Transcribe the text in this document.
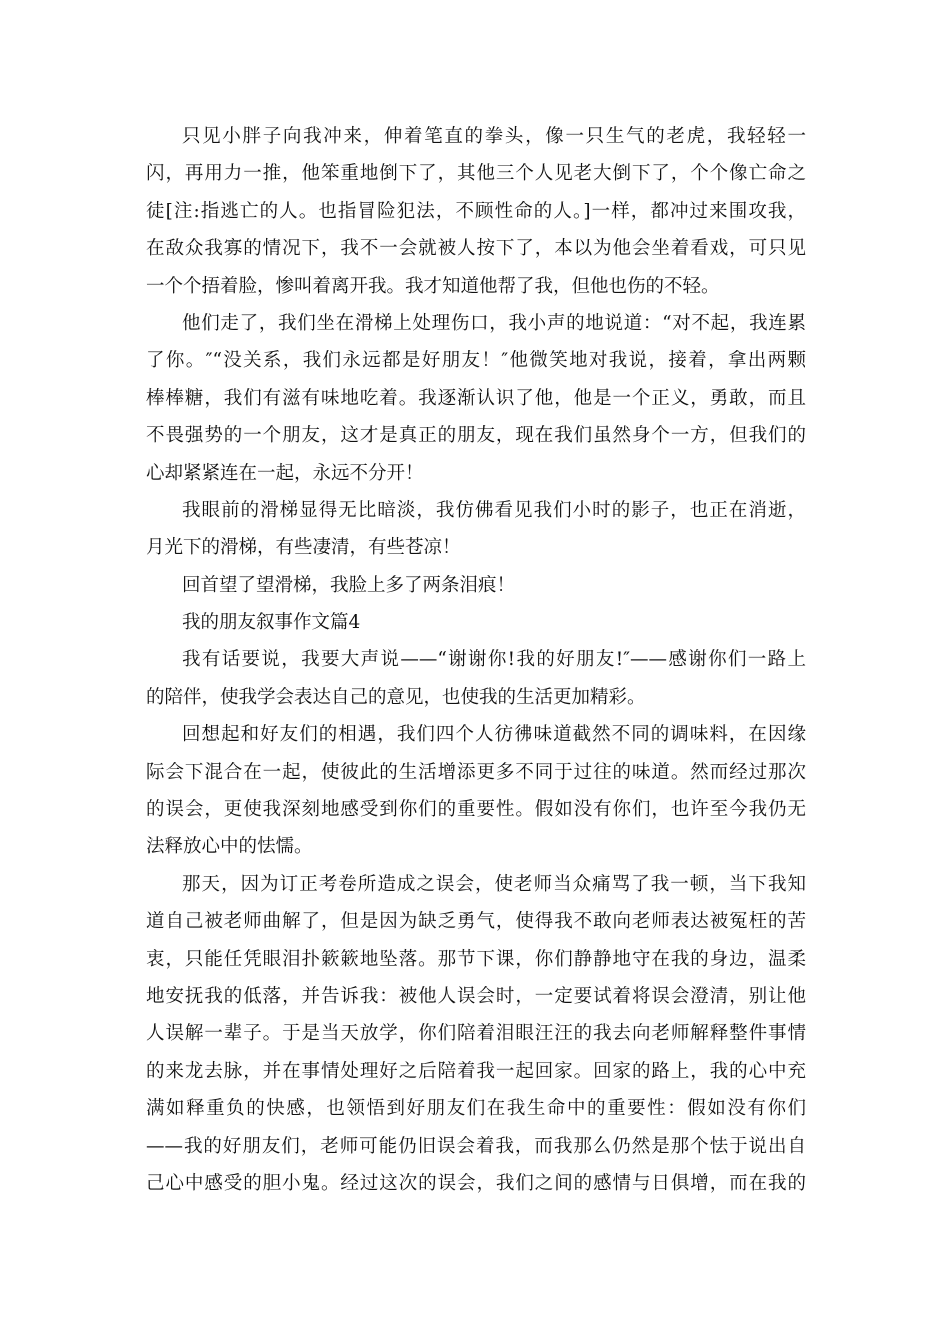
只见小胖子向我冲来，伸着笔直的拳头，像一只生气的老虎，我轻轻一
闪，再用力一推，他笨重地倒下了，其他三个人见老大倒下了，个个像亡命之
徒[注:指逃亡的人。也指冒险犯法，不顾性命的人。]一样，都冲过来围攻我，
在敌众我寡的情况下，我不一会就被人按下了，本以为他会坐着看戏，可只见
一个个捂着脸，惨叫着离开我。我才知道他帮了我，但他也伤的不轻。
他们走了，我们坐在滑梯上处理伤口，我小声的地说道：“对不起，我连累
了你。″“没关系，我们永远都是好朋友！″他微笑地对我说，接着，拿出两颗
棒棒糖，我们有滋有味地吃着。我逐渐认识了他，他是一个正义，勇敢，而且
不畏强势的一个朋友，这才是真正的朋友，现在我们虽然身个一方，但我们的
心却紧紧连在一起，永远不分开！
我眼前的滑梯显得无比暗淡，我仿佛看见我们小时的影子，也正在消逝，
月光下的滑梯，有些凄清，有些苍凉！
回首望了望滑梯，我脸上多了两条泪痕！
我的朋友叙事作文篇4
我有话要说，我要大声说——“谢谢你!我的好朋友!″——感谢你们一路上
的陪伴，使我学会表达自己的意见，也使我的生活更加精彩。
回想起和好友们的相遇，我们四个人彷彿味道截然不同的调味料，在因缘
际会下混合在一起，使彼此的生活增添更多不同于过往的味道。然而经过那次
的误会，更使我深刻地感受到你们的重要性。假如没有你们，也许至今我仍无
法释放心中的怯懦。
那天，因为订正考卷所造成之误会，使老师当众痛骂了我一顿，当下我知
道自己被老师曲解了，但是因为缺乏勇气，使得我不敢向老师表达被冤枉的苦
衷，只能任凭眼泪扑簌簌地坠落。那节下课，你们静静地守在我的身边，温柔
地安抚我的低落，并告诉我：被他人误会时，一定要试着将误会澄清，别让他
人误解一辈子。于是当天放学，你们陪着泪眼汪汪的我去向老师解释整件事情
的来龙去脉，并在事情处理好之后陪着我一起回家。回家的路上，我的心中充
满如释重负的快感，也领悟到好朋友们在我生命中的重要性：假如没有你们
——我的好朋友们，老师可能仍旧误会着我，而我那么仍然是那个怯于说出自
己心中感受的胆小鬼。经过这次的误会，我们之间的感情与日俱增，而在我的
